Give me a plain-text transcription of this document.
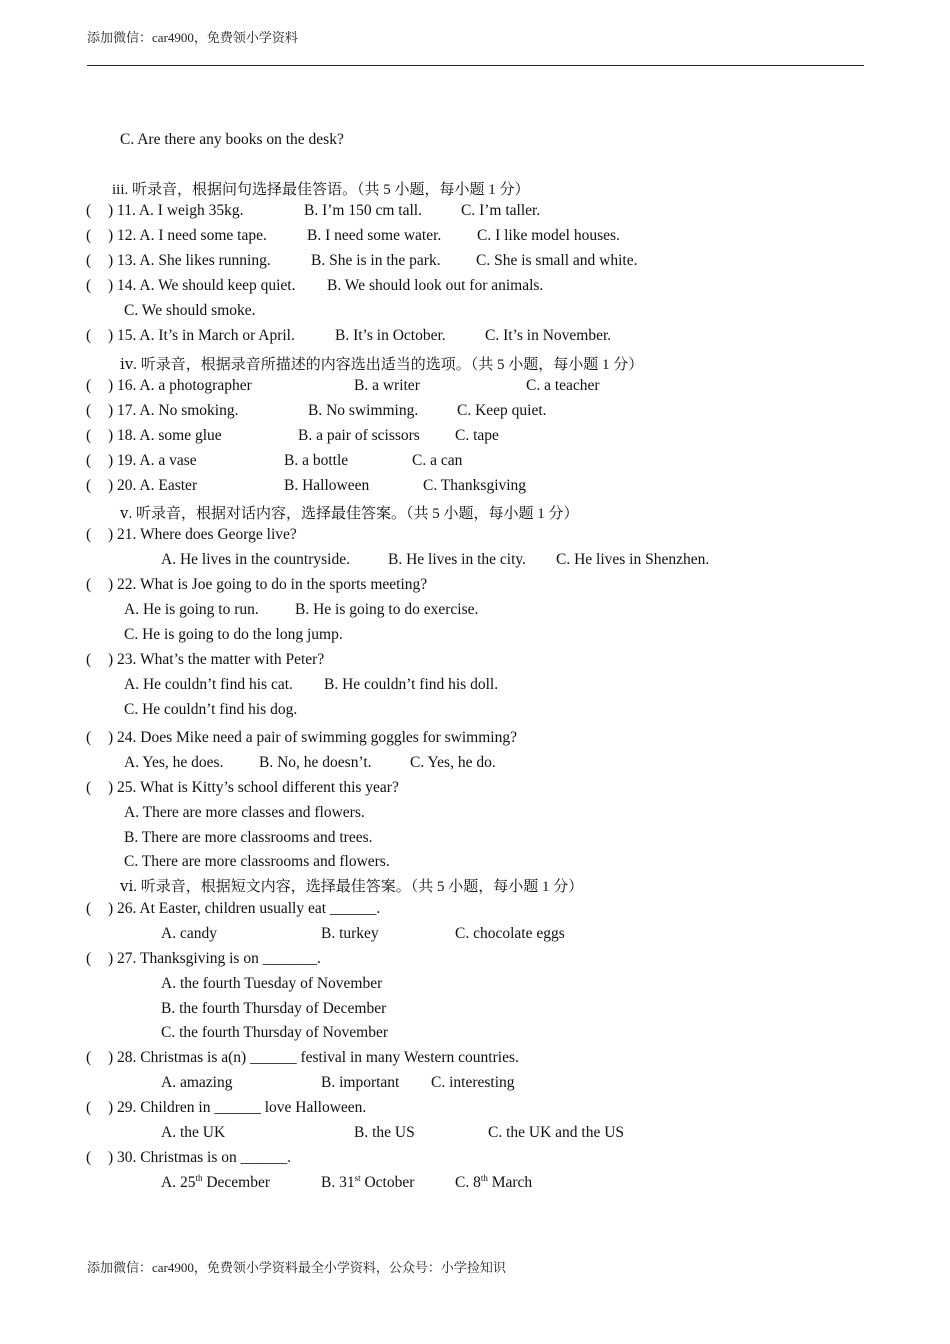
添加微信：car4900，免费领小学资料
C. Are there any books on the desk?
iii. 听录音，根据问句选择最佳答语。（共 5 小题，每小题 1 分）
( ) 11. A. I weigh 35kg.	B. I’m 150 cm tall.	C. I’m taller.
( ) 12. A. I need some tape.	B. I need some water. C. I like model houses.
( ) 13. A. She likes running.	B. She is in the park. C. She is small and white.
( ) 14. A. We should keep quiet. B. We should look out for animals.
C. We should smoke.
( ) 15. A. It’s in March or April.	B. It’s in October.	C. It’s in November.
ⅳ. 听录音，根据录音所描述的内容选出适当的选项。（共 5 小题，每小题 1 分）
( ) 16. A. a photographer	B. a writer	C. a teacher
( ) 17. A. No smoking.	B. No swimming.	C. Keep quiet.
( ) 18. A. some glue	B. a pair of scissors C. tape
( ) 19. A. a vase	B. a bottle	C. a can
( ) 20. A. Easter	B. Halloween	C. Thanksgiving
ⅴ. 听录音，根据对话内容，选择最佳答案。（共 5 小题，每小题 1 分）
( ) 21. Where does George live?
A. He lives in the countryside. B. He lives in the city. C. He lives in Shenzhen.
( ) 22. What is Joe going to do in the sports meeting?
A. He is going to run. B. He is going to do exercise.
C. He is going to do the long jump.
( ) 23. What’s the matter with Peter?
A. He couldn’t find his cat. B. He couldn’t find his doll.
C. He couldn’t find his dog.
( ) 24. Does Mike need a pair of swimming goggles for swimming?
A. Yes, he does. B. No, he doesn’t. C. Yes, he do.
( ) 25. What is Kitty’s school different this year?
A. There are more classes and flowers.
B. There are more classrooms and trees.
C. There are more classrooms and flowers.
ⅵ. 听录音，根据短文内容，选择最佳答案。（共 5 小题，每小题 1 分）
( ) 26. At Easter, children usually eat ______.
A. candy	B. turkey	C. chocolate eggs
( ) 27. Thanksgiving is on _______.
A. the fourth Tuesday of November
B. the fourth Thursday of December
C. the fourth Thursday of November
( ) 28. Christmas is a(n) ______ festival in many Western countries.
A. amazing	B. important C. interesting
( ) 29. Children in ______ love Halloween.
A. the UK	B. the US	C. the UK and the US
( ) 30. Christmas is on ______.
A. 25th December	B. 31st October	C. 8th March
添加微信：car4900，免费领小学资料最全小学资料，公众号：小学捡知识
